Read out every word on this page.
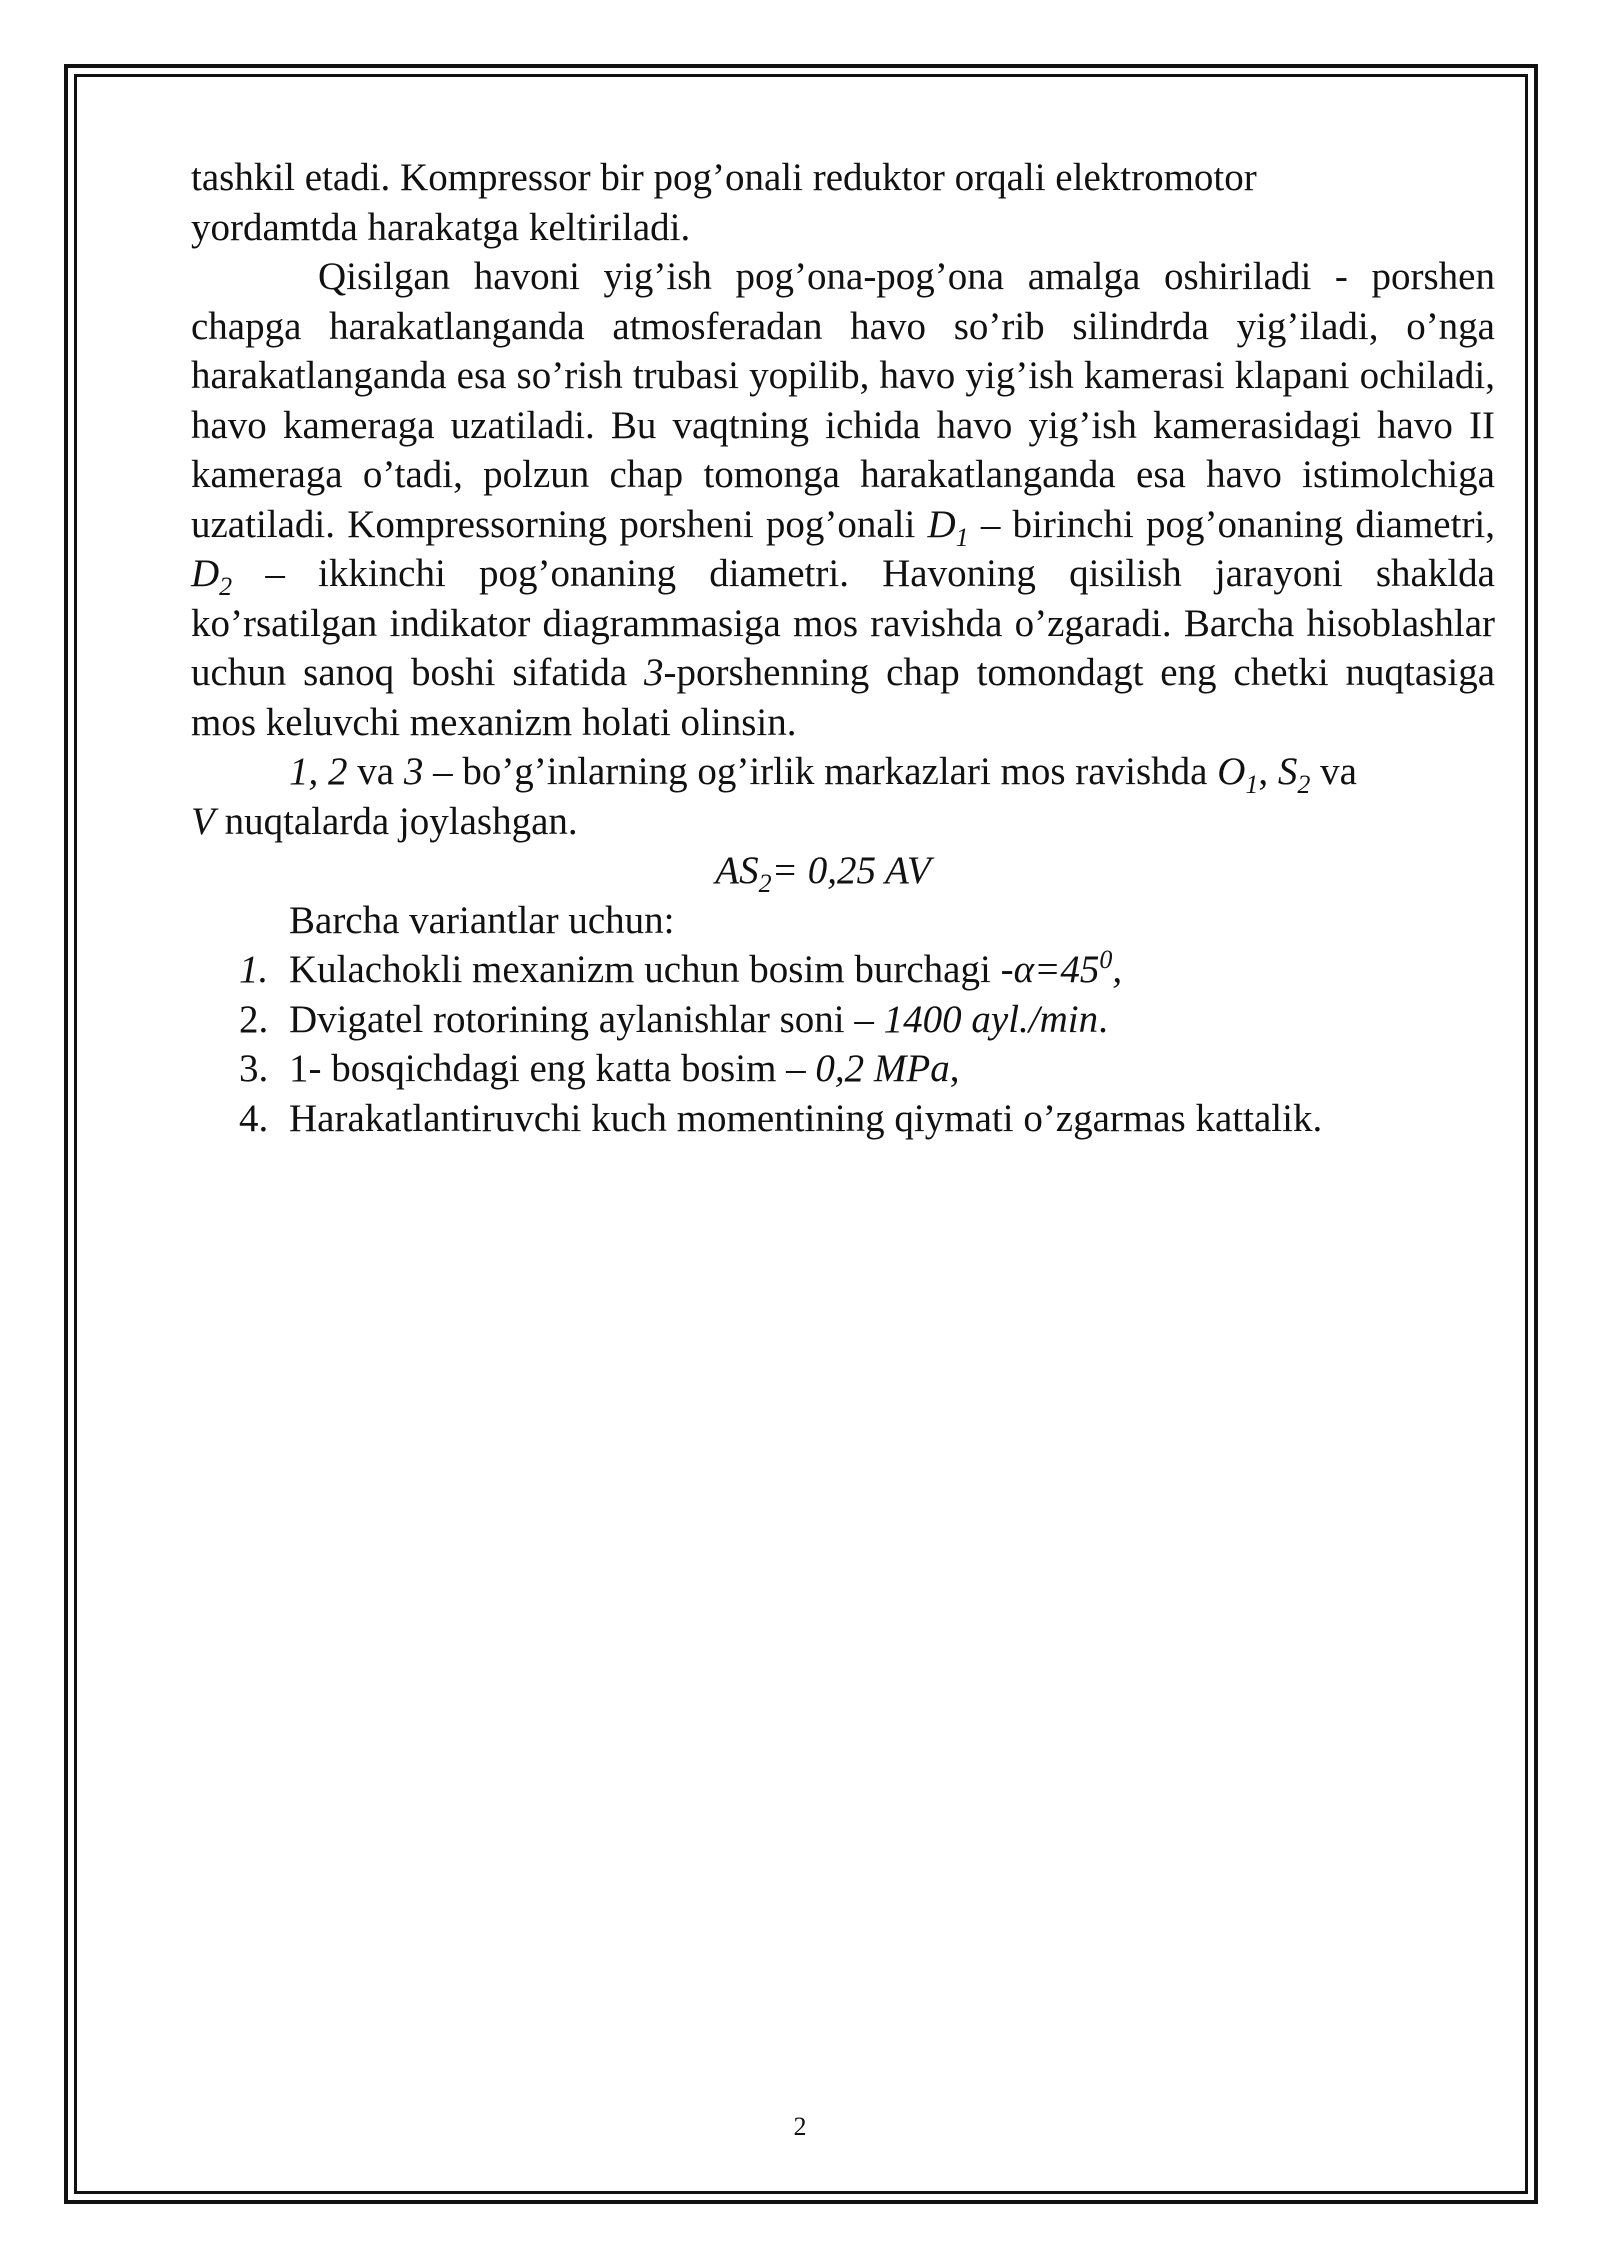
tashkil etadi. Kompressor bir pog’onali reduktor orqali elektromotor
yordamtda harakatga keltiriladi.

Qisilgan havoni yig’ish pog’ona-pog’ona amalga oshiriladi - porshen chapga harakatlanganda atmosferadan havo so’rib silindrda yig’iladi, o’nga harakatlanganda esa so’rish trubasi yopilib, havo yig’ish kamerasi klapani ochiladi, havo kameraga uzatiladi. Bu vaqtning ichida havo yig’ish kamerasidagi havo II kameraga o’tadi, polzun chap tomonga harakatlanganda esa havo istimolchiga uzatiladi. Kompressorning porsheni pog’onali $D_1$ – birinchi pog’onaning diametri, $D_2$ – ikkinchi pog’onaning diametri. Havoning qisilish jarayoni shaklda ko’rsatilgan indikator diagrammasiga mos ravishda o’zgaradi. Barcha hisoblashlar uchun sanoq boshi sifatida 3-porshenning chap tomondagt eng chetki nuqtasiga mos keluvchi mexanizm holati olinsin.

1, 2 va 3 – bo’g’inlarning og’irlik markazlari mos ravishda $O_1$, $S_2$ va
V nuqtalarda joylashgan.

$AS_2= 0,25$ AV

Barcha variantlar uchun:

1. Kulachokli mexanizm uchun bosim burchagi $-\alpha=45^0$,
2. Dvigatel rotorining aylanishlar soni – 1400 ayl./min.
3. 1- bosqichdagi eng katta bosim – 0,2 MPa,
4. Harakatlantiruvchi kuch momentining qiymati o’zgarmas kattalik.
2
